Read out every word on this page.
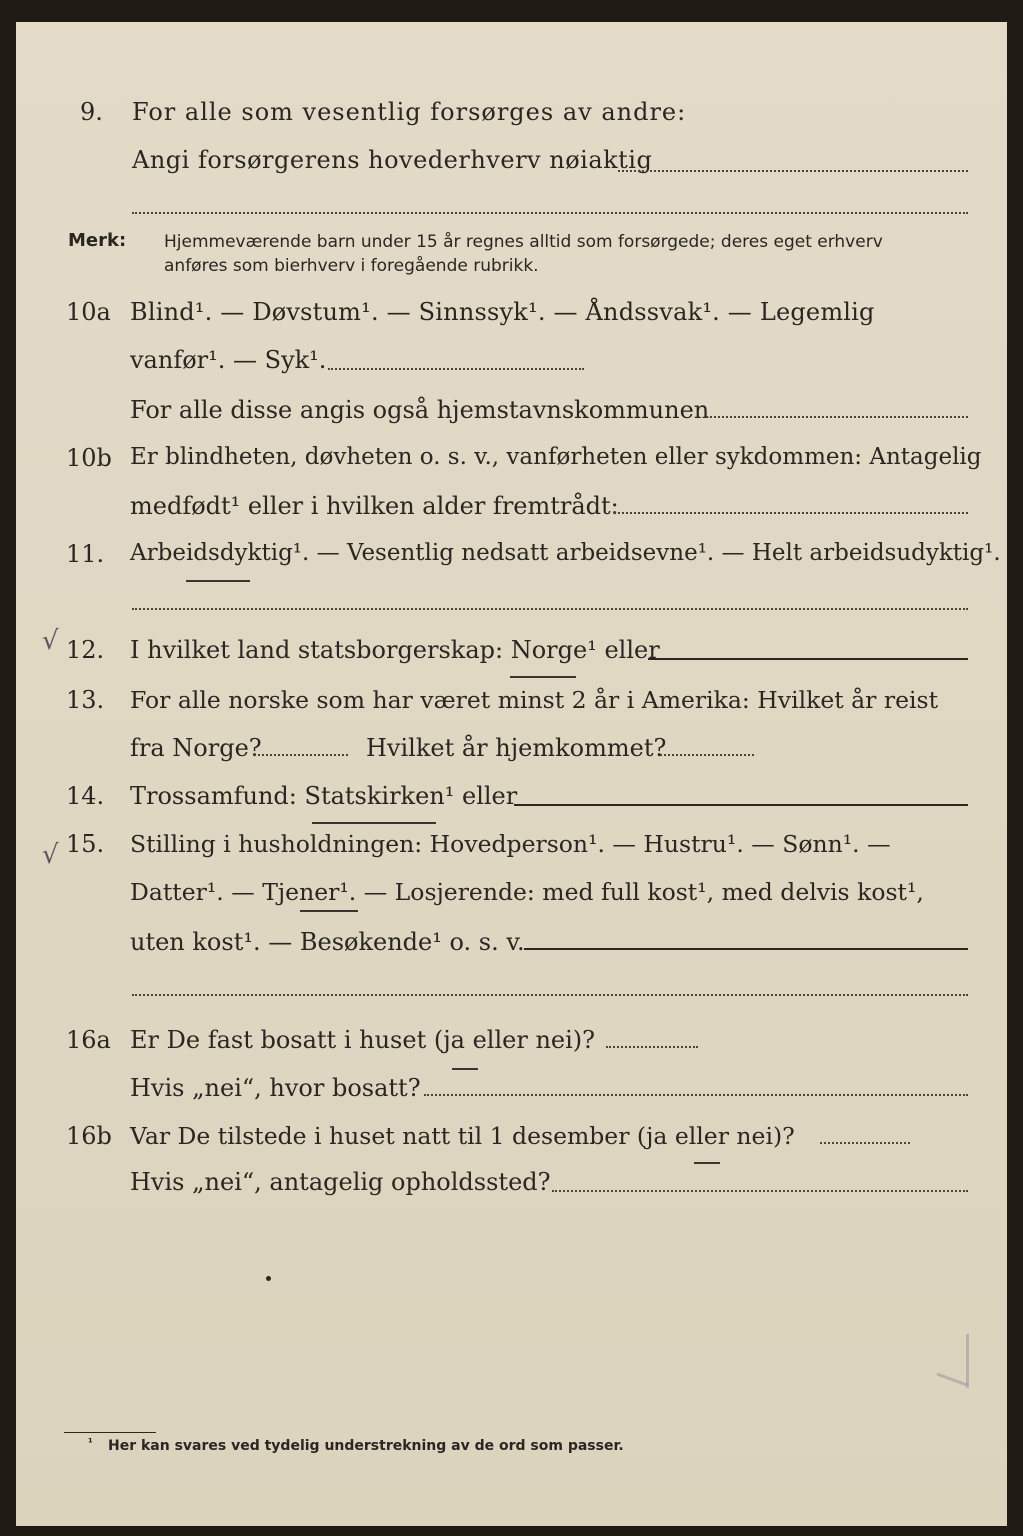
9. For alle som vesentlig forsørges av andre:
Angi forsørgerens hovederhverv nøiaktig
Merk: Hjemmeværende barn under 15 år regnes alltid som forsørgede; deres eget erhverv
anføres som bierhverv i foregående rubrikk.
10a Blind¹. — Døvstum¹. — Sinnssyk¹. — Åndssvak¹. — Legemlig
vanfør¹. — Syk¹.
For alle disse angis også hjemstavnskommunen
10b Er blindheten, døvheten o. s. v., vanførheten eller sykdommen: Antagelig
medfødt¹ eller i hvilken alder fremtrådt:
11. Arbeidsdyktig¹. — Vesentlig nedsatt arbeidsevne¹. — Helt arbeidsudyktig¹.
√ 12. I hvilket land statsborgerskap: Norge¹ eller
13. For alle norske som har været minst 2 år i Amerika: Hvilket år reist
fra Norge?	Hvilket år hjemkommet?
14. Trossamfund: Statskirken¹ eller
√ 15. Stilling i husholdningen: Hovedperson¹. — Hustru¹. — Sønn¹. —
Datter¹. — Tjener¹. — Losjerende: med full kost¹, med delvis kost¹,
uten kost¹. — Besøkende¹ o. s. v.
16a Er De fast bosatt i huset (ja eller nei)?
Hvis „nei“, hvor bosatt?
16b Var De tilstede i huset natt til 1 desember (ja eller nei)?
Hvis „nei“, antagelig opholdssted?
¹ Her kan svares ved tydelig understrekning av de ord som passer.
